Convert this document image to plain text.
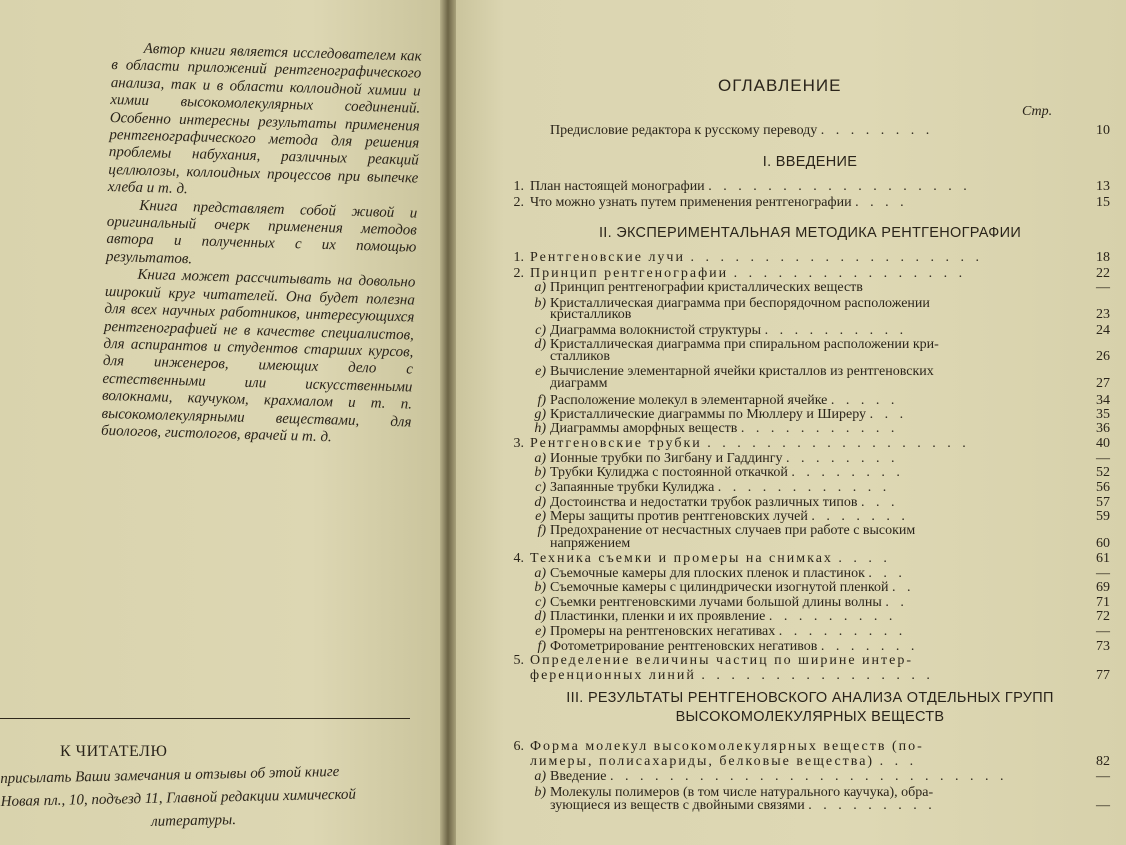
Автор книги является исследователем как в области приложений рентгенографического анализа, так и в области коллоидной химии и химии высокомолекулярных соединений. Особенно интересны результаты применения рентгенографического метода для решения проблемы набухания, различных реакций целлюлозы, коллоидных процессов при выпечке хлеба и т. д.

Книга представляет собой живой и оригинальный очерк применения методов автора и полученных с их помощью результатов.

Книга может рассчитывать на довольно широкий круг читателей. Она будет полезна для всех научных работников, интересующихся рентгенографией не в качестве специалистов, для аспирантов и студентов старших курсов, для инженеров, имеющих дело с естественными или искусственными волокнами, каучуком, крахмалом и т. п. высокомолекулярными веществами, для биологов, гистологов, врачей и т. д.

К ЧИТАТЕЛЮ
присылать Ваши замечания и отзывы об этой книге
Новая пл., 10, подъезд 11, Главной редакции химической
литературы.
ОГЛАВЛЕНИЕ
Стр.
Предисловие редактора к русскому переводу . . . . . . . .	10
I. ВВЕДЕНИЕ
II. ЭКСПЕРИМЕНТАЛЬНАЯ МЕТОДИКА РЕНТГЕНОГРАФИИ
III. РЕЗУЛЬТАТЫ РЕНТГЕНОВСКОГО АНАЛИЗА ОТДЕЛЬНЫХ ГРУПП
ВЫСОКОМОЛЕКУЛЯРНЫХ ВЕЩЕСТВ
1. План настоящей монографии . . . . . . . . . . . . . . . . . .	13
2. Что можно узнать путем применения рентгенографии . . . .	15
1. Рентгеновские лучи . . . . . . . . . . . . . . . . . . . .	18
2. Принцип рентгенографии . . . . . . . . . . . . . . . .	22
a) Принцип рентгенографии кристаллических веществ	—
b) Кристаллическая диаграмма при беспорядочном расположении
кристалликов	23
c) Диаграмма волокнистой структуры . . . . . . . . . .	24
d) Кристаллическая диаграмма при спиральном расположении кри-
сталликов	26
e) Вычисление элементарной ячейки кристаллов из рентгеновских
диаграмм	27
f) Расположение молекул в элементарной ячейке . . . . .	34
g) Кристаллические диаграммы по Мюллеру и Ширеру . . .	35
h) Диаграммы аморфных веществ . . . . . . . . . . .	36
3. Рентгеновские трубки . . . . . . . . . . . . . . . . . .	40
a) Ионные трубки по Зигбану и Гаддингу . . . . . . . .	—
b) Трубки Кулиджа с постоянной откачкой . . . . . . . .	52
c) Запаянные трубки Кулиджа . . . . . . . . . . . .	56
d) Достоинства и недостатки трубок различных типов . . .	57
e) Меры защиты против рентгеновских лучей . . . . . . .	59
f) Предохранение от несчастных случаев при работе с высоким
напряжением	60
4. Техника съемки и промеры на снимках . . . .	61
a) Съемочные камеры для плоских пленок и пластинок . . .	—
b) Съемочные камеры с цилиндрически изогнутой пленкой . .	69
c) Съемки рентгеновскими лучами большой длины волны . .	71
d) Пластинки, пленки и их проявление . . . . . . . . .	72
e) Промеры на рентгеновских негативах . . . . . . . . .	—
f) Фотометрирование рентгеновских негативов . . . . . . .	73
5. Определение величины частиц по ширине интер-
ференционных линий . . . . . . . . . . . . . . . .	77
6. Форма молекул высокомолекулярных веществ (по-
лимеры, полисахариды, белковые вещества) . . .	82
a) Введение . . . . . . . . . . . . . . . . . . . . . . . . . . .	—
b) Молекулы полимеров (в том числе натурального каучука), обра-
зующиеся из веществ с двойными связями . . . . . . . . .	—
